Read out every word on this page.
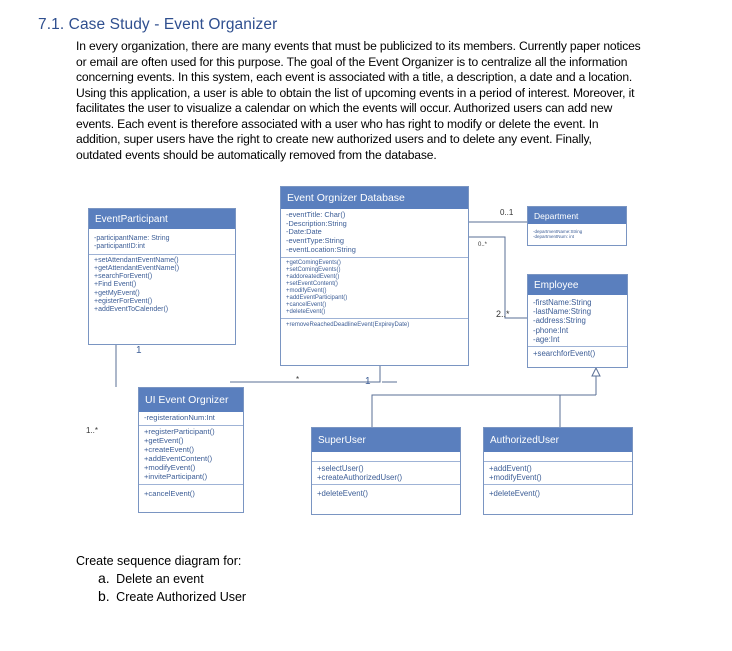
7.1. Case Study - Event Organizer
In every organization, there are many events that must be publicized to its members. Currently paper notices
or email are often used for this purpose. The goal of the Event Organizer is to centralize all the information
concerning events. In this system, each event is associated with a title, a description, a date and a location.
Using this application, a user is able to obtain the list of upcoming events in a period of interest. Moreover, it
facilitates the user to visualize a calendar on which the events will occur. Authorized users can add new
events. Each event is therefore associated with a user who has right to modify or delete the event. In
addition, super users have the right to create new authorized users and to delete any event. Finally,
outdated events should be automatically removed from the database.
EventParticipant
-participantName: String
-participantID:int
+setAttendantEventName()
+getAttendantEventName()
+searchForEvent()
+Find Event()
+getMyEvent()
+egisterForEvent()
+addEventToCalender()
Event Orgnizer Database
-eventTitle: Char()
-Description:String
-Date:Date
-eventType:String
-eventLocation:String
+getComingEvents()
+setComingEvents()
+addoreatedEvent()
+setEventContent()
+modifyEvent()
+addEventParticipant()
+cancelEvent()
+deleteEvent()
+removeReachedDeadlineEvent(ExpireyDate)
Department
-departmentName:String
-departmentNum: int
Employee
-firstName:String
-lastName:String
-address:String
-phone:Int
-age:Int
+searchforEvent()
UI Event Orgnizer
-registerationNum:Int
+registerParticipant()
+getEvent()
+createEvent()
+addEventContent()
+modifyEvent()
+inviteParticipant()
+cancelEvent()
SuperUser
+selectUser()
+createAuthorizedUser()
+deleteEvent()
AuthorizedUser
+addEvent()
+modifyEvent()
+deleteEvent()
0..1
0..*
2..*
1
*	1
1..*
Create sequence diagram for:
a. Delete an event
b. Create Authorized User
